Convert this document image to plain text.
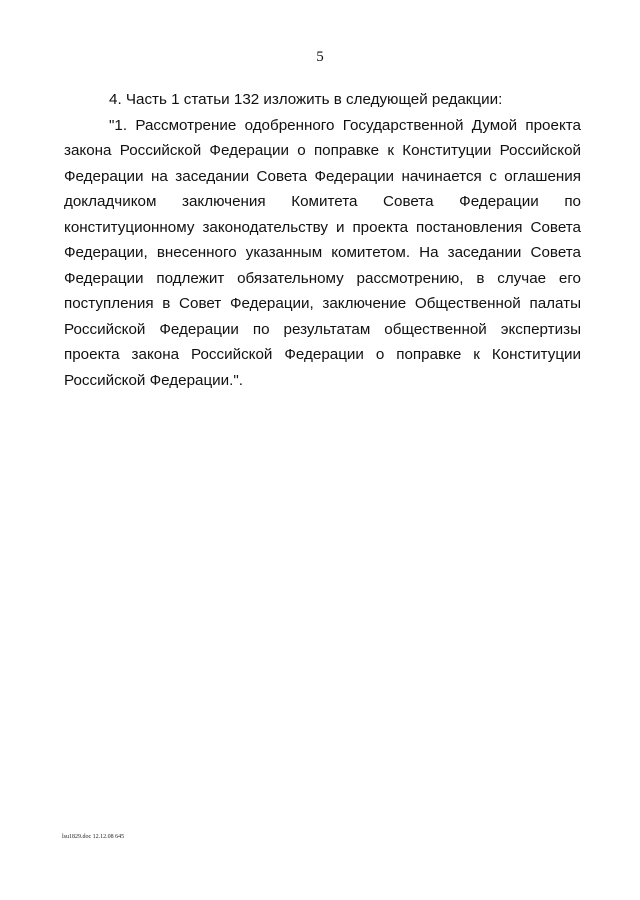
5
4. Часть 1 статьи 132 изложить в следующей редакции:
"1. Рассмотрение одобренного Государственной Думой проекта
закона Российской Федерации о поправке к Конституции Российской
Федерации на заседании Совета Федерации начинается с оглашения
докладчиком заключения Комитета Совета Федерации по
конституционному законодательству и проекта постановления Совета
Федерации, внесенного указанным комитетом. На заседании Совета
Федерации подлежит обязательному рассмотрению, в случае его
поступления в Совет Федерации, заключение Общественной палаты
Российской Федерации по результатам общественной экспертизы
проекта закона Российской Федерации о поправке к Конституции
Российской Федерации.".
lsu1829.doc 12.12.08 645
